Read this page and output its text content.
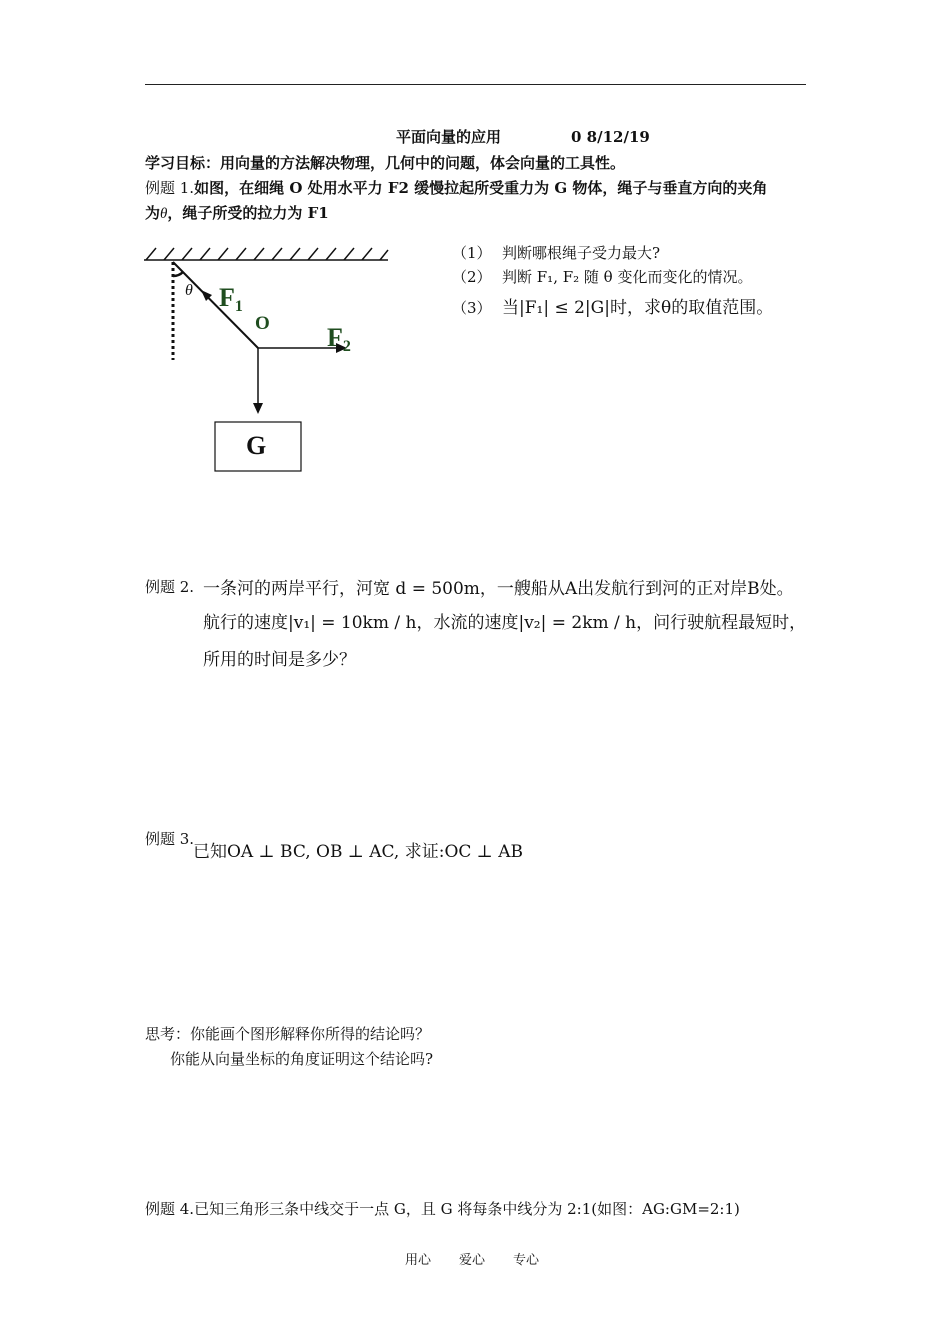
平面向量的应用	0 8/12/19
学习目标：用向量的方法解决物理，几何中的问题，体会向量的工具性。
例题 1.如图，在细绳 O 处用水平力 F2 缓慢拉起所受重力为 G 物体，绳子与垂直方向的夹角
为θ，绳子所受的拉力为 F1
θ F1
O F2
G
（1） 判断哪根绳子受力最大?
（2） 判断 F₁, F₂ 随 θ 变化而变化的情况。
（3） 当|F₁| ≤ 2|G|时，求θ的取值范围。
例题 2. 一条河的两岸平行，河宽 d = 500m，一艘船从A出发航行到河的正对岸B处。
航行的速度|v₁| = 10km / h，水流的速度|v₂| = 2km / h，问行驶航程最短时，
所用的时间是多少？
例题 3.
已知OA ⊥ BC, OB ⊥ AC, 求证:OC ⊥ AB
思考：你能画个图形解释你所得的结论吗？
你能从向量坐标的角度证明这个结论吗?
例题 4.已知三角形三条中线交于一点 G，且 G 将每条中线分为 2:1(如图：AG:GM=2:1)
用心 爱心 专心
